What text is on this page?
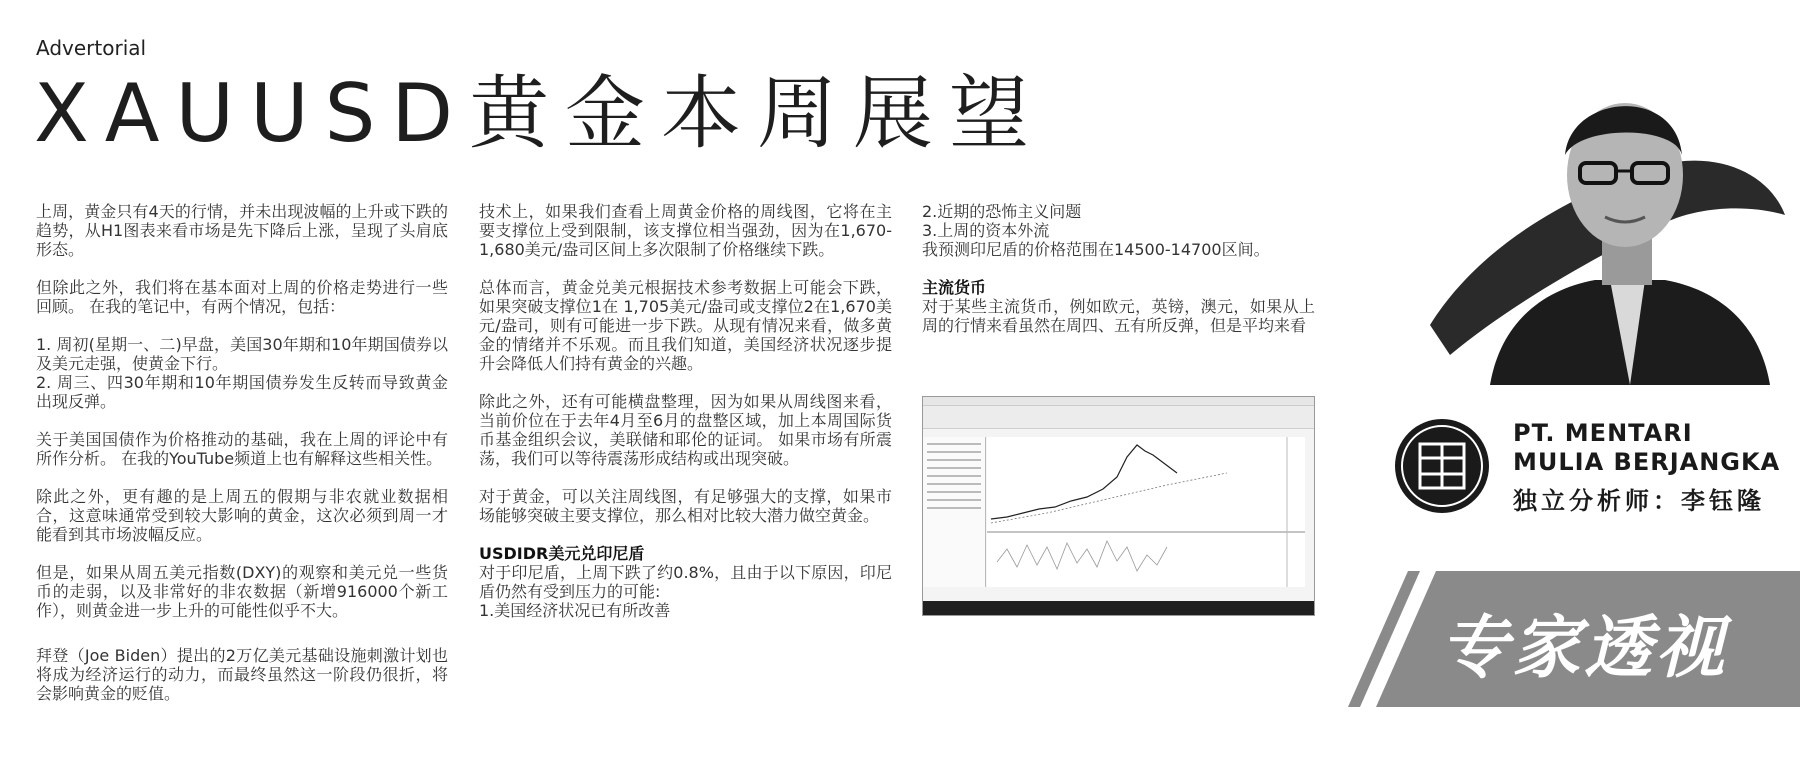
Advertorial
XAUUSD黄金本周展望

上周，黄金只有4天的行情，并未出现波幅的上升或下跌的趋势，从H1图表来看市场是先下降后上涨，呈现了头肩底形态。

但除此之外，我们将在基本面对上周的价格走势进行一些回顾。 在我的笔记中，有两个情况，包括：

1. 周初(星期一、二)早盘，美国30年期和10年期国债券以及美元走强，使黄金下行。
2. 周三、四30年期和10年期国债券发生反转而导致黄金出现反弹。

关于美国国债作为价格推动的基础，我在上周的评论中有所作分析。 在我的YouTube频道上也有解释这些相关性。

除此之外，更有趣的是上周五的假期与非农就业数据相合，这意味通常受到较大影响的黄金，这次必须到周一才能看到其市场波幅反应。

但是，如果从周五美元指数(DXY)的观察和美元兑一些货币的走弱，以及非常好的非农数据（新增916000个新工作），则黄金进一步上升的可能性似乎不大。

拜登（Joe Biden）提出的2万亿美元基础设施刺激计划也将成为经济运行的动力，而最终虽然这一阶段仍很折，将会影响黄金的贬值。

技术上，如果我们查看上周黄金价格的周线图，它将在主要支撑位上受到限制，该支撑位相当强劲，因为在1,670-1,680美元/盎司区间上多次限制了价格继续下跌。

总体而言，黄金兑美元根据技术参考数据上可能会下跌，如果突破支撑位1在 1,705美元/盎司或支撑位2在1,670美元/盎司，则有可能进一步下跌。从现有情况来看，做多黄金的情绪并不乐观。而且我们知道，美国经济状况逐步提升会降低人们持有黄金的兴趣。

除此之外，还有可能横盘整理，因为如果从周线图来看，当前价位在于去年4月至6月的盘整区域，加上本周国际货币基金组织会议，美联储和耶伦的证词。 如果市场有所震荡，我们可以等待震荡形成结构或出现突破。

对于黄金，可以关注周线图，有足够强大的支撑，如果市场能够突破主要支撑位，那么相对比较大潜力做空黄金。

USDIDR美元兑印尼盾

对于印尼盾，上周下跌了约0.8%，且由于以下原因，印尼盾仍然有受到压力的可能:
1.美国经济状况已有所改善

2.近期的恐怖主义问题
3.上周的资本外流
我预测印尼盾的价格范围在14500-14700区间。

主流货币

对于某些主流货币，例如欧元，英镑，澳元，如果从上周的行情来看虽然在周四、五有所反弹，但是平均来看

PT. MENTARI
MULIA BERJANGKA
独立分析师：李钰隆
专家透视
